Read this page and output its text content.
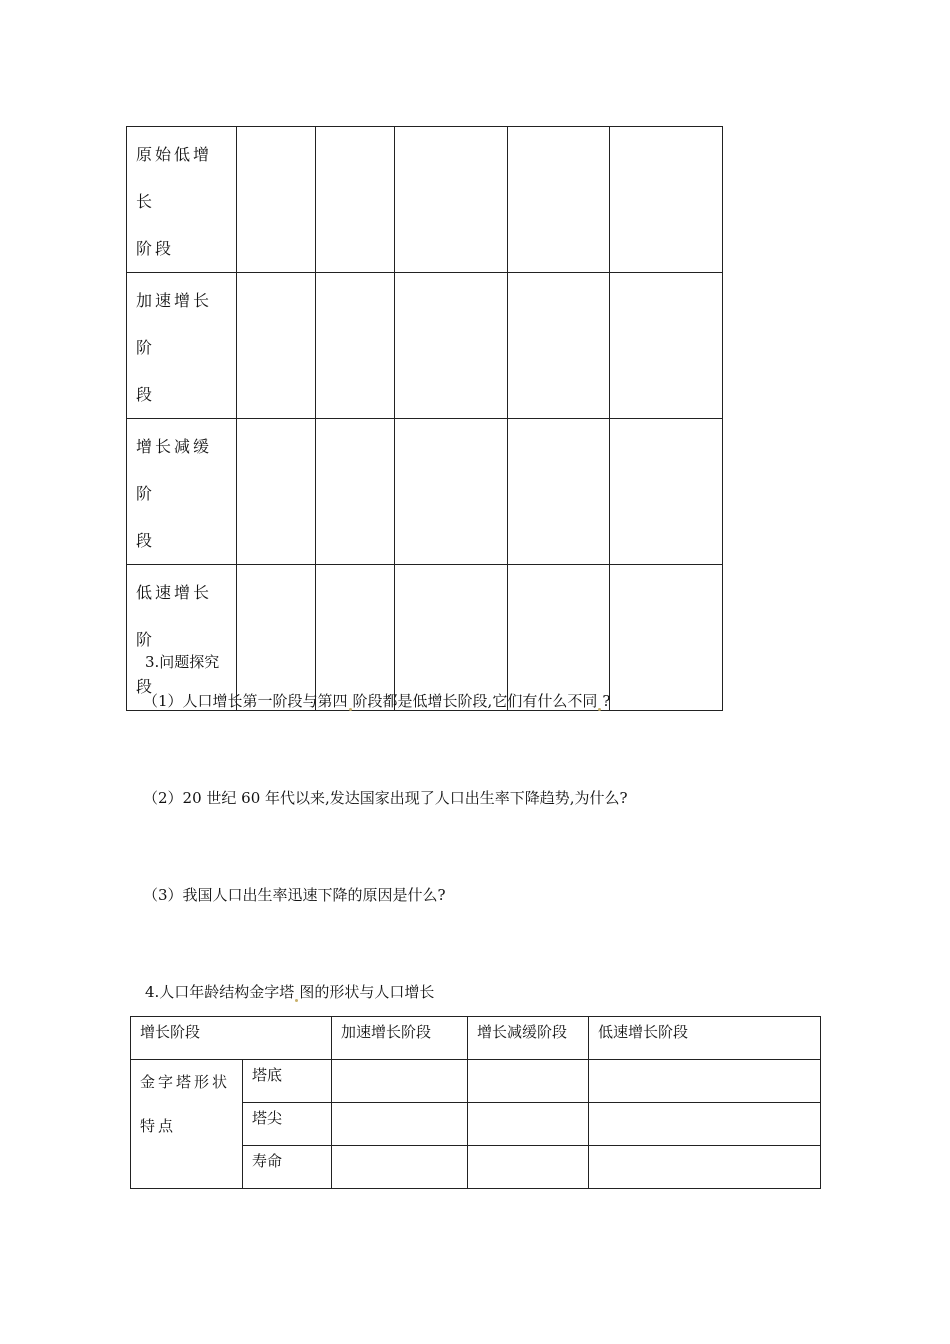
原始低增长
阶段					

加速增长阶
段					

增长减缓阶
段					

低速增长阶
段					

3.问题探究
（1）人口增长第一阶段与第四 阶段都是低增长阶段,它们有什么不同 ?
（2）20 世纪 60 年代以来,发达国家出现了人口出生率下降趋势,为什么?
（3）我国人口出生率迅速下降的原因是什么?
4.人口年龄结构金字塔 图的形状与人口增长
增长阶段		加速增长阶段	增长减缓阶段	低速增长阶段

金字塔形状
特点	塔底			
	塔尖			
	寿命			
